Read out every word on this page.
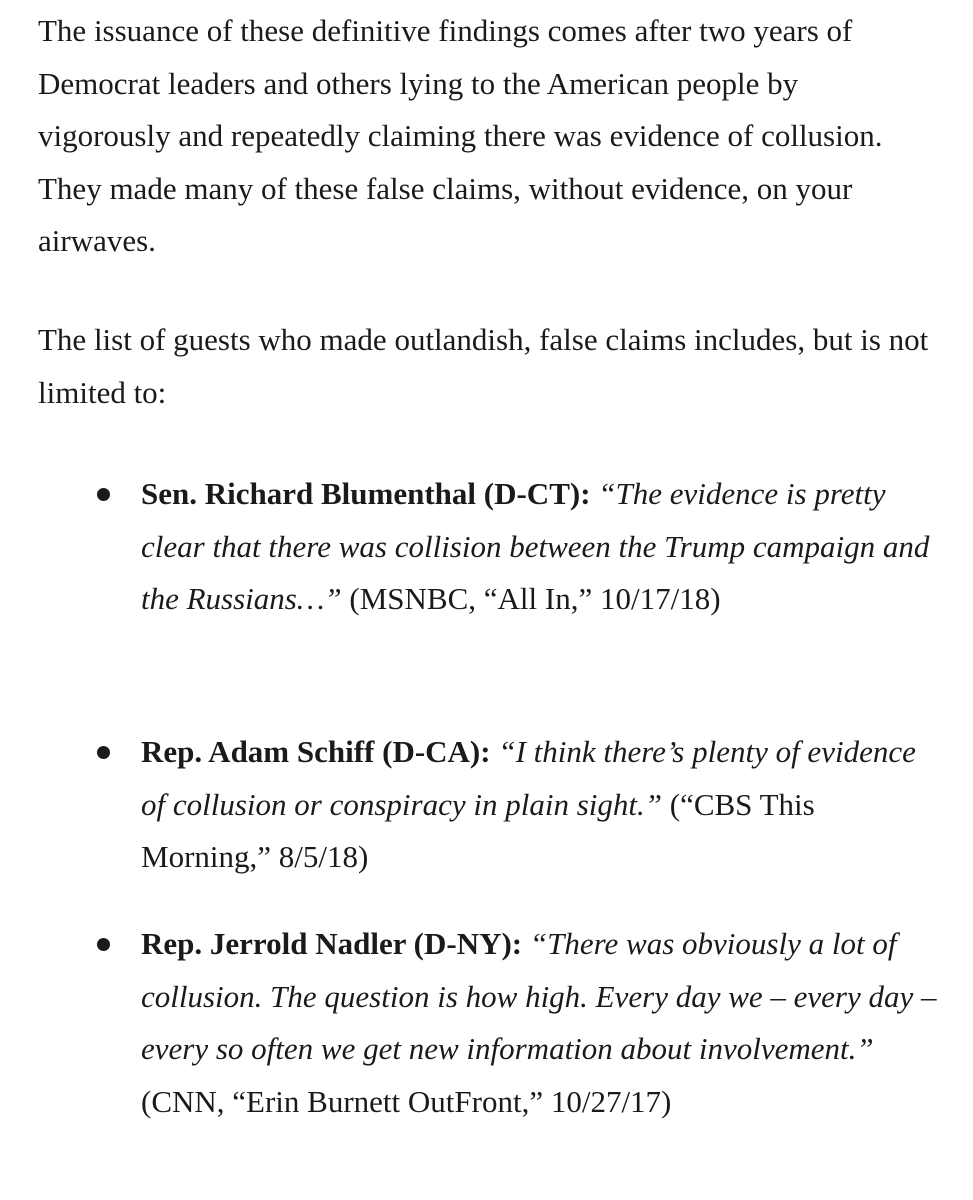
The issuance of these definitive findings comes after two years of Democrat leaders and others lying to the American people by vigorously and repeatedly claiming there was evidence of collusion. They made many of these false claims, without evidence, on your airwaves.

The list of guests who made outlandish, false claims includes, but is not limited to:

Sen. Richard Blumenthal (D-CT): “The evidence is pretty clear that there was collision between the Trump campaign and the Russians…” (MSNBC, “All In,” 10/17/18)
Rep. Adam Schiff (D-CA): “I think there’s plenty of evidence of collusion or conspiracy in plain sight.” (“CBS This Morning,” 8/5/18)
Rep. Jerrold Nadler (D-NY): “There was obviously a lot of collusion. The question is how high. Every day we – every day – every so often we get new information about involvement.” (CNN, “Erin Burnett OutFront,” 10/27/17)
